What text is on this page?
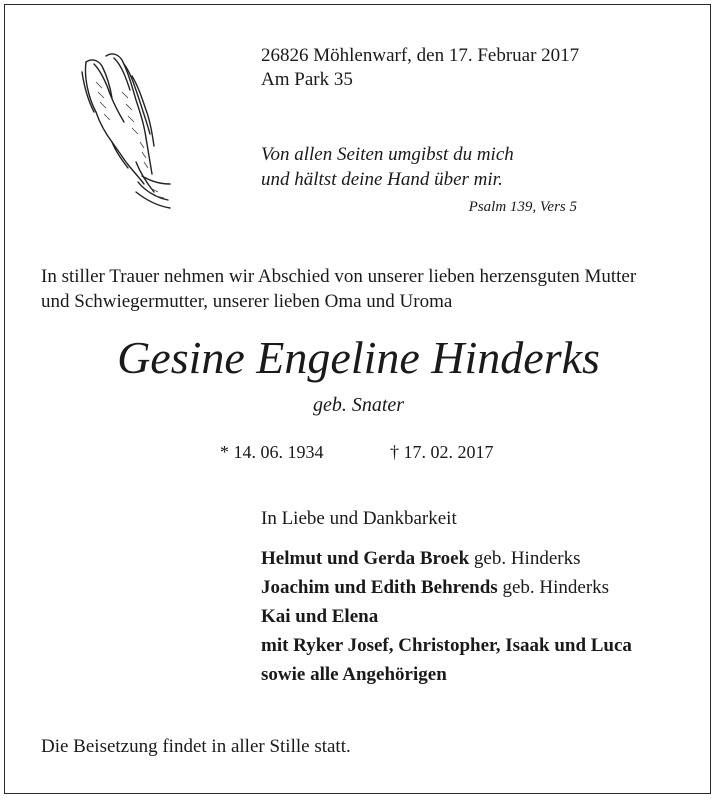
26826 Möhlenwarf, den 17. Februar 2017
Am Park 35
Von allen Seiten umgibst du mich
und hältst deine Hand über mir.
Psalm 139, Vers 5
In stiller Trauer nehmen wir Abschied von unserer lieben herzensguten Mutter
und Schwiegermutter, unserer lieben Oma und Uroma
Gesine Engeline Hinderks
geb. Snater
* 14. 06. 1934	† 17. 02. 2017
In Liebe und Dankbarkeit
Helmut und Gerda Broek geb. Hinderks
Joachim und Edith Behrends geb. Hinderks
Kai und Elena
mit Ryker Josef, Christopher, Isaak und Luca
sowie alle Angehörigen
Die Beisetzung findet in aller Stille statt.
